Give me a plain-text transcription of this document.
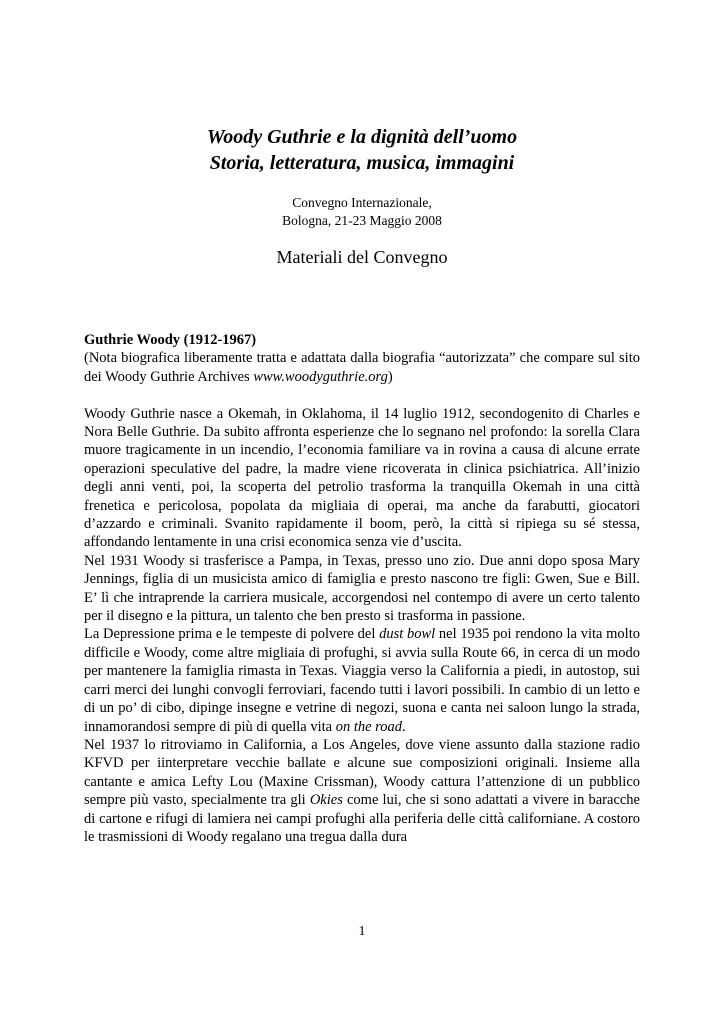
Woody Guthrie e la dignità dell’uomo

Storia, letteratura, musica, immagini

Convegno Internazionale,
Bologna, 21-23 Maggio 2008
Materiali del Convegno

Guthrie Woody (1912-1967)

(Nota biografica liberamente tratta e adattata dalla biografia “autorizzata” che compare sul sito dei Woody Guthrie Archives www.woodyguthrie.org)

Woody Guthrie nasce a Okemah, in Oklahoma, il 14 luglio 1912, secondogenito di Charles e Nora Belle Guthrie. Da subito affronta esperienze che lo segnano nel profondo: la sorella Clara muore tragicamente in un incendio, l’economia familiare va in rovina a causa di alcune errate operazioni speculative del padre, la madre viene ricoverata in clinica psichiatrica. All’inizio degli anni venti, poi, la scoperta del petrolio trasforma la tranquilla Okemah in una città frenetica e pericolosa, popolata da migliaia di operai, ma anche da farabutti, giocatori d’azzardo e criminali. Svanito rapidamente il boom, però, la città si ripiega su sé stessa, affondando lentamente in una crisi economica senza vie d’uscita.

Nel 1931 Woody si trasferisce a Pampa, in Texas, presso uno zio. Due anni dopo sposa Mary Jennings, figlia di un musicista amico di famiglia e presto nascono tre figli: Gwen, Sue e Bill. E’ lì che intraprende la carriera musicale, accorgendosi nel contempo di avere un certo talento per il disegno e la pittura, un talento che ben presto si trasforma in passione.

La Depressione prima e le tempeste di polvere del dust bowl nel 1935 poi rendono la vita molto difficile e Woody, come altre migliaia di profughi, si avvia sulla Route 66, in cerca di un modo per mantenere la famiglia rimasta in Texas. Viaggia verso la California a piedi, in autostop, sui carri merci dei lunghi convogli ferroviari, facendo tutti i lavori possibili. In cambio di un letto e di un po’ di cibo, dipinge insegne e vetrine di negozi, suona e canta nei saloon lungo la strada, innamorandosi sempre di più di quella vita on the road.

Nel 1937 lo ritroviamo in California, a Los Angeles, dove viene assunto dalla stazione radio KFVD per iinterpretare vecchie ballate e alcune sue composizioni originali. Insieme alla cantante e amica Lefty Lou (Maxine Crissman), Woody cattura l’attenzione di un pubblico sempre più vasto, specialmente tra gli Okies come lui, che si sono adattati a vivere in baracche di cartone e rifugi di lamiera nei campi profughi alla periferia delle città californiane. A costoro le trasmissioni di Woody regalano una tregua dalla dura

1
